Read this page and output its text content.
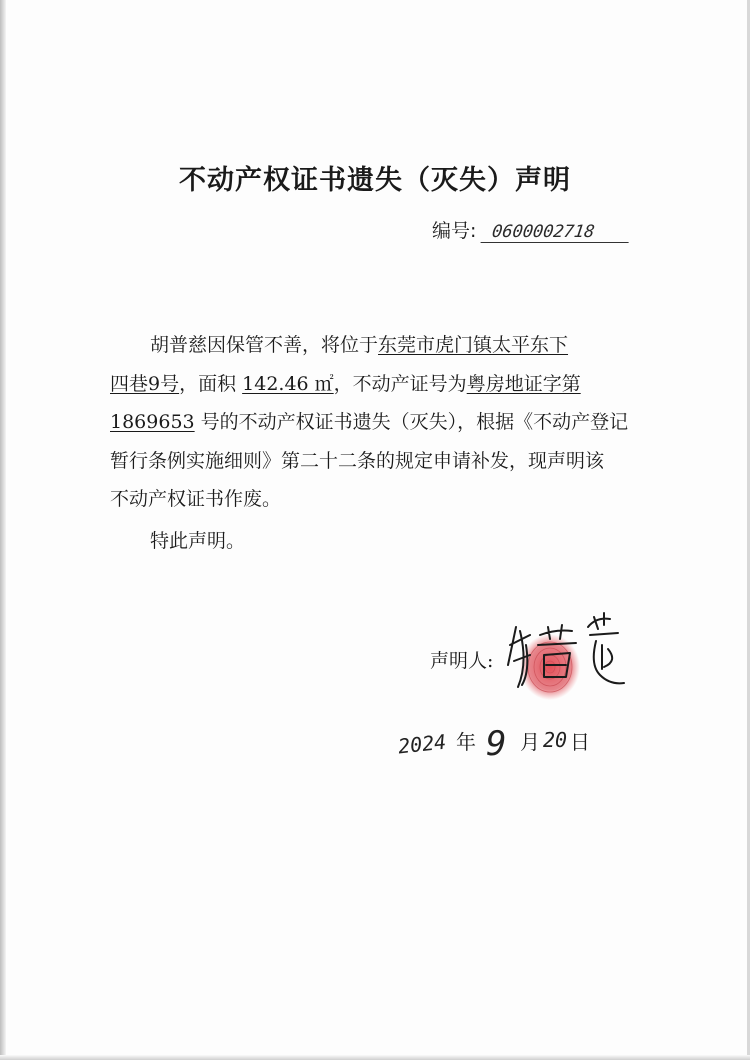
不动产权证书遗失（灭失）声明
编号: 0600002718
胡普慈因保管不善，将位于东莞市虎门镇太平东下
四巷9号，面积 142.46 ㎡，不动产证号为粤房地证字第
1869653 号的不动产权证书遗失（灭失），根据《不动产登记
暂行条例实施细则》第二十二条的规定申请补发，现声明该
不动产权证书作废。
特此声明。
声明人:
2024 年 9 月 20 日
